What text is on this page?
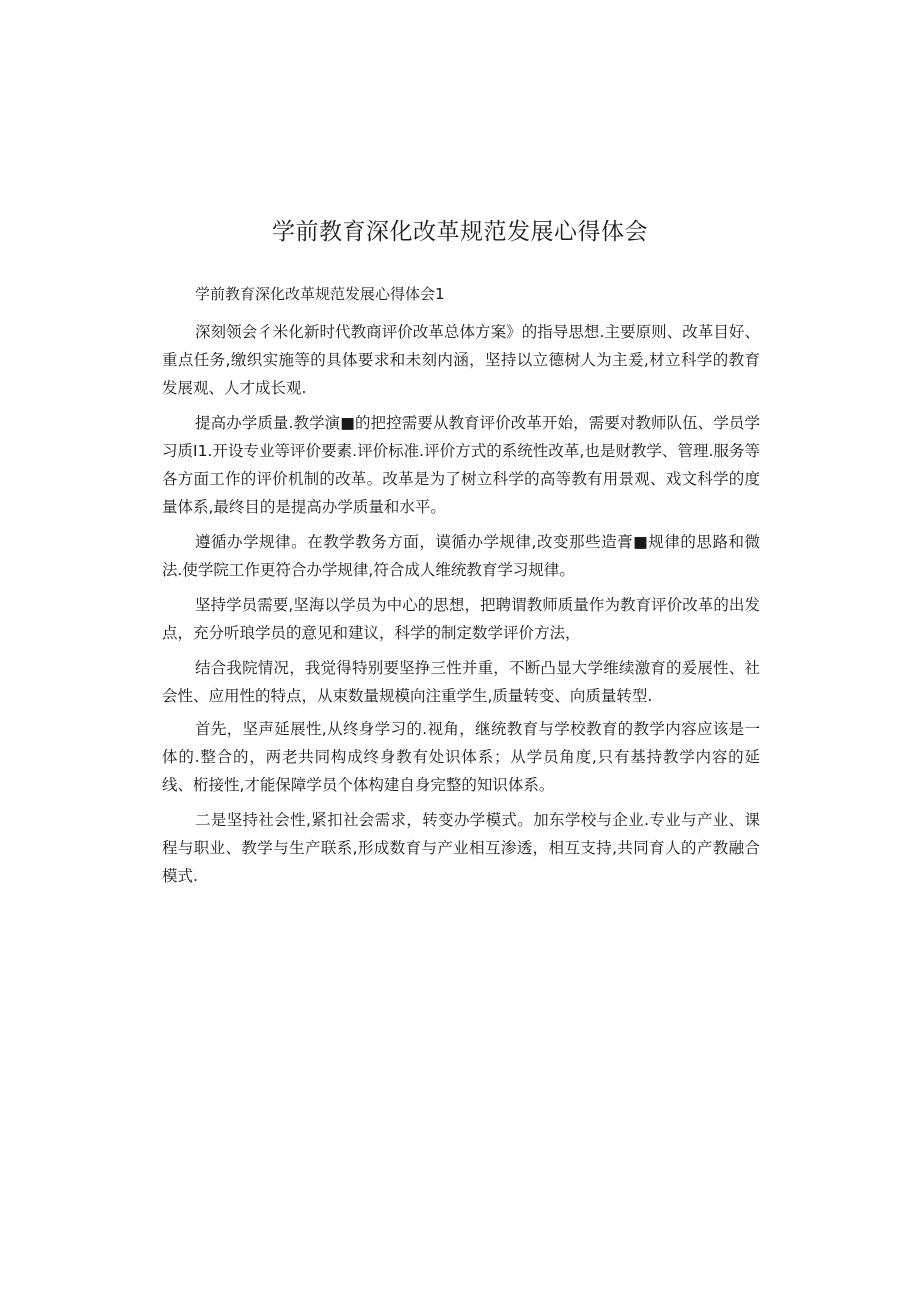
学前教育深化改革规范发展心得体会
学前教育深化改革规范发展心得体会1

深刻领会彳米化新时代教商评价改革总体方案》的指导思想.主要原则、改革目好、重点任务,缴织实施等的具体要求和未刻内涵，坚持以立德树人为主爰,材立科学的教育发展观、人才成长观.

提高办学质量.教学演■的把控需要从教育评价改革开始，需要对教师队伍、学员学习质I1.开设专业等评价要素.评价标准.评价方式的系统性改革,也是财教学、管理.服务等各方面工作的评价机制的改革。改革是为了树立科学的高等教有用景观、戏文科学的度量体系,最终目的是提高办学质量和水平。

遵循办学规律。在教学教务方面，谟循办学规律,改变那些造膏■规律的思路和微法.使学院工作更符合办学规律,符合成人维统教育学习规律。

坚持学员需要,坚海以学员为中心的思想，把聘谓教师质量作为教育评价改革的出发点，充分听琅学员的意见和建议，科学的制定数学评价方法，

结合我院情况，我觉得特别要坚挣三性并重，不断凸显大学维续激育的爰展性、社会性、应用性的特点，从束数量规模向注重学生,质量转变、向质量转型.

首先，坚声延展性,从终身学习的.视角，继统教育与学校教育的教学内容应该是一体的.整合的，两老共同构成终身教有处识体系；从学员角度,只有基持教学内容的延线、桁接性,才能保障学员个体构建自身完整的知识体系。

二是坚持社会性,紧扣社会需求，转变办学模式。加东学校与企业.专业与产业、课程与职业、教学与生产联系,形成数育与产业相互渗透，相互支持,共同育人的产教融合模式.
